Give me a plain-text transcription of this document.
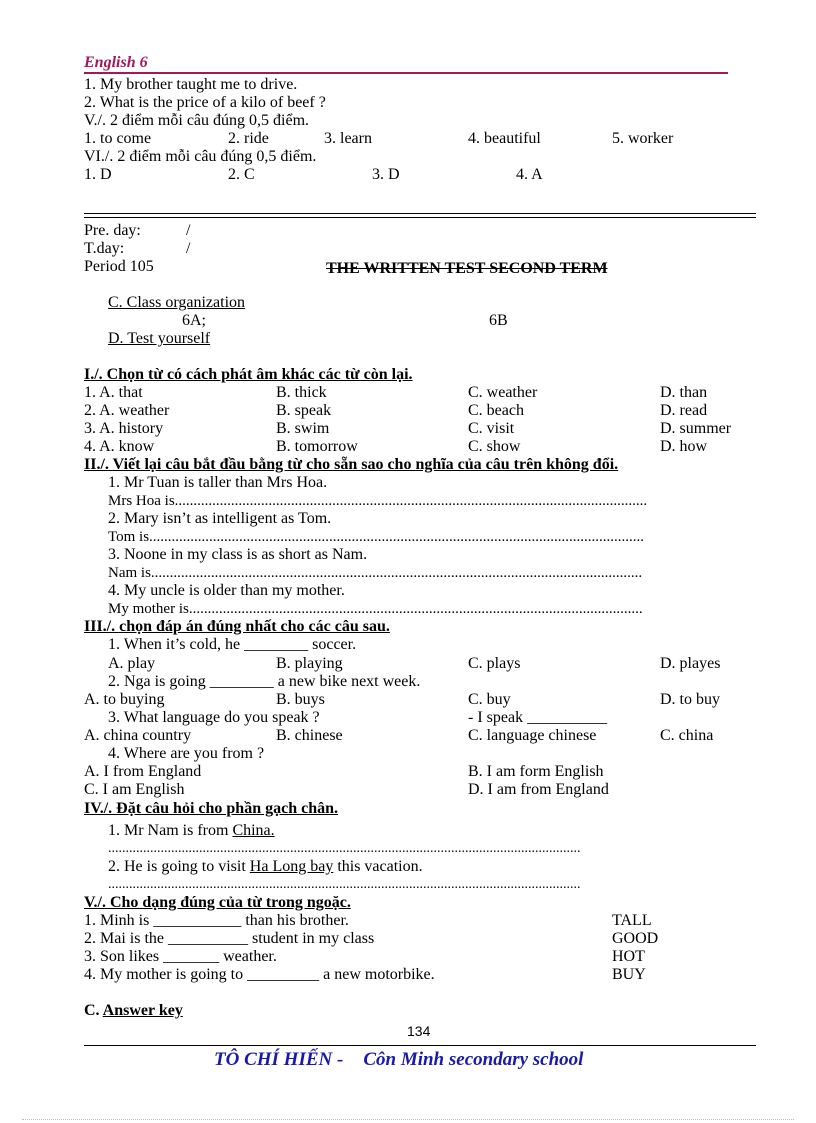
English 6
1. My brother taught me to drive.
2. What is the price of a kilo of beef ?
V./. 2 điểm mỗi câu đúng 0,5 điểm.
1. to come	2. ride	3. learn	4. beautiful	5. worker
VI./. 2 điểm mỗi câu đúng 0,5 điểm.
1. D	2. C	3. D	4. A
Pre. day:	/
T.day:	/
Period 105	THE WRITTEN TEST SECOND TERM
C. Class organization
6A;	6B
D. Test yourself
I./. Chọn từ có cách phát âm khác các từ còn lại.
1. A. that	B. thick	C. weather	D. than
2. A. weather	B. speak	C. beach	D. read
3. A. history	B. swim	C. visit	D. summer
4. A. know	B. tomorrow	C. show	D. how
II./. Viết lại câu bắt đầu bằng từ cho sẵn sao cho nghĩa của câu trên không đổi.
1. Mr Tuan is taller than Mrs Hoa.
Mrs Hoa is..............................................................................................................................
2. Mary isn’t as intelligent as Tom.
Tom is....................................................................................................................................
3. Noone in my class is as short as Nam.
Nam is...................................................................................................................................
4. My uncle is older than my mother.
My mother is.........................................................................................................................
III./. chọn đáp án đúng nhất cho các câu sau.
1. When it’s cold, he ________ soccer.
A. play	B. playing	C. plays	D. playes
2. Nga is going ________ a new bike next week.
A. to buying	B. buys	C. buy	D. to buy
3. What language do you speak ?	- I speak __________
A. china country	B. chinese	C. language chinese	C. china
4. Where are you from ?
A. I from England	B. I am form English
C. I am English	D. I am from England
IV./. Đặt câu hỏi cho phần gạch chân.
1. Mr Nam is from China.
.......................................................................................................................................
2. He is going to visit Ha Long bay this vacation.
.......................................................................................................................................
V./. Cho dạng đúng của từ trong ngoặc.
1. Minh is ___________ than his brother.	TALL
2. Mai is the __________ student in my class	GOOD
3. Son likes _______ weather.	HOT
4. My mother is going to _________ a new motorbike.	BUY
C. Answer key
134
TÔ CHÍ HIẾN - Côn Minh secondary school
